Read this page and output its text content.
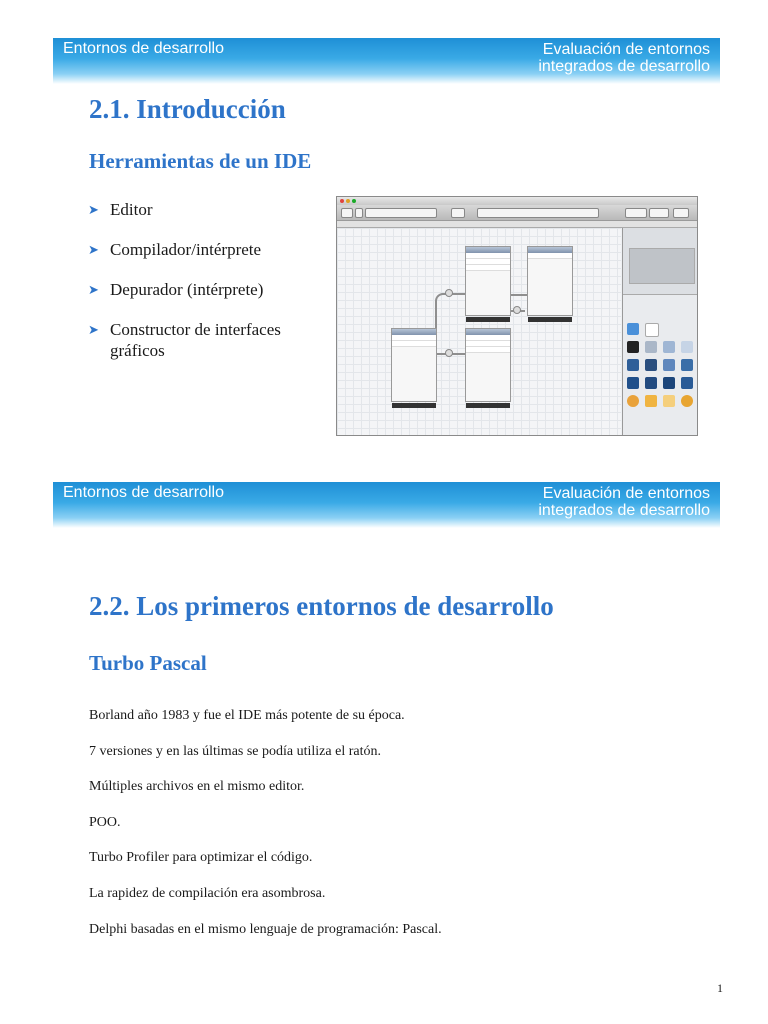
Entornos de desarrollo	Evaluación de entornos
integrados de desarrollo
2.1. Introducción
Herramientas de un IDE
➤ Editor
➤ Compilador/intérprete
➤ Depurador (intérprete)
➤ Constructor de interfaces
gráficos
Entornos de desarrollo	Evaluación de entornos
integrados de desarrollo
2.2. Los primeros entornos de desarrollo
Turbo Pascal

Borland año 1983 y fue el IDE más potente de su época.

7 versiones y en las últimas se podía utiliza el ratón.

Múltiples archivos en el mismo editor.

POO.

Turbo Profiler para optimizar el código.

La rapidez de compilación era asombrosa.

Delphi basadas en el mismo lenguaje de programación: Pascal.

1
